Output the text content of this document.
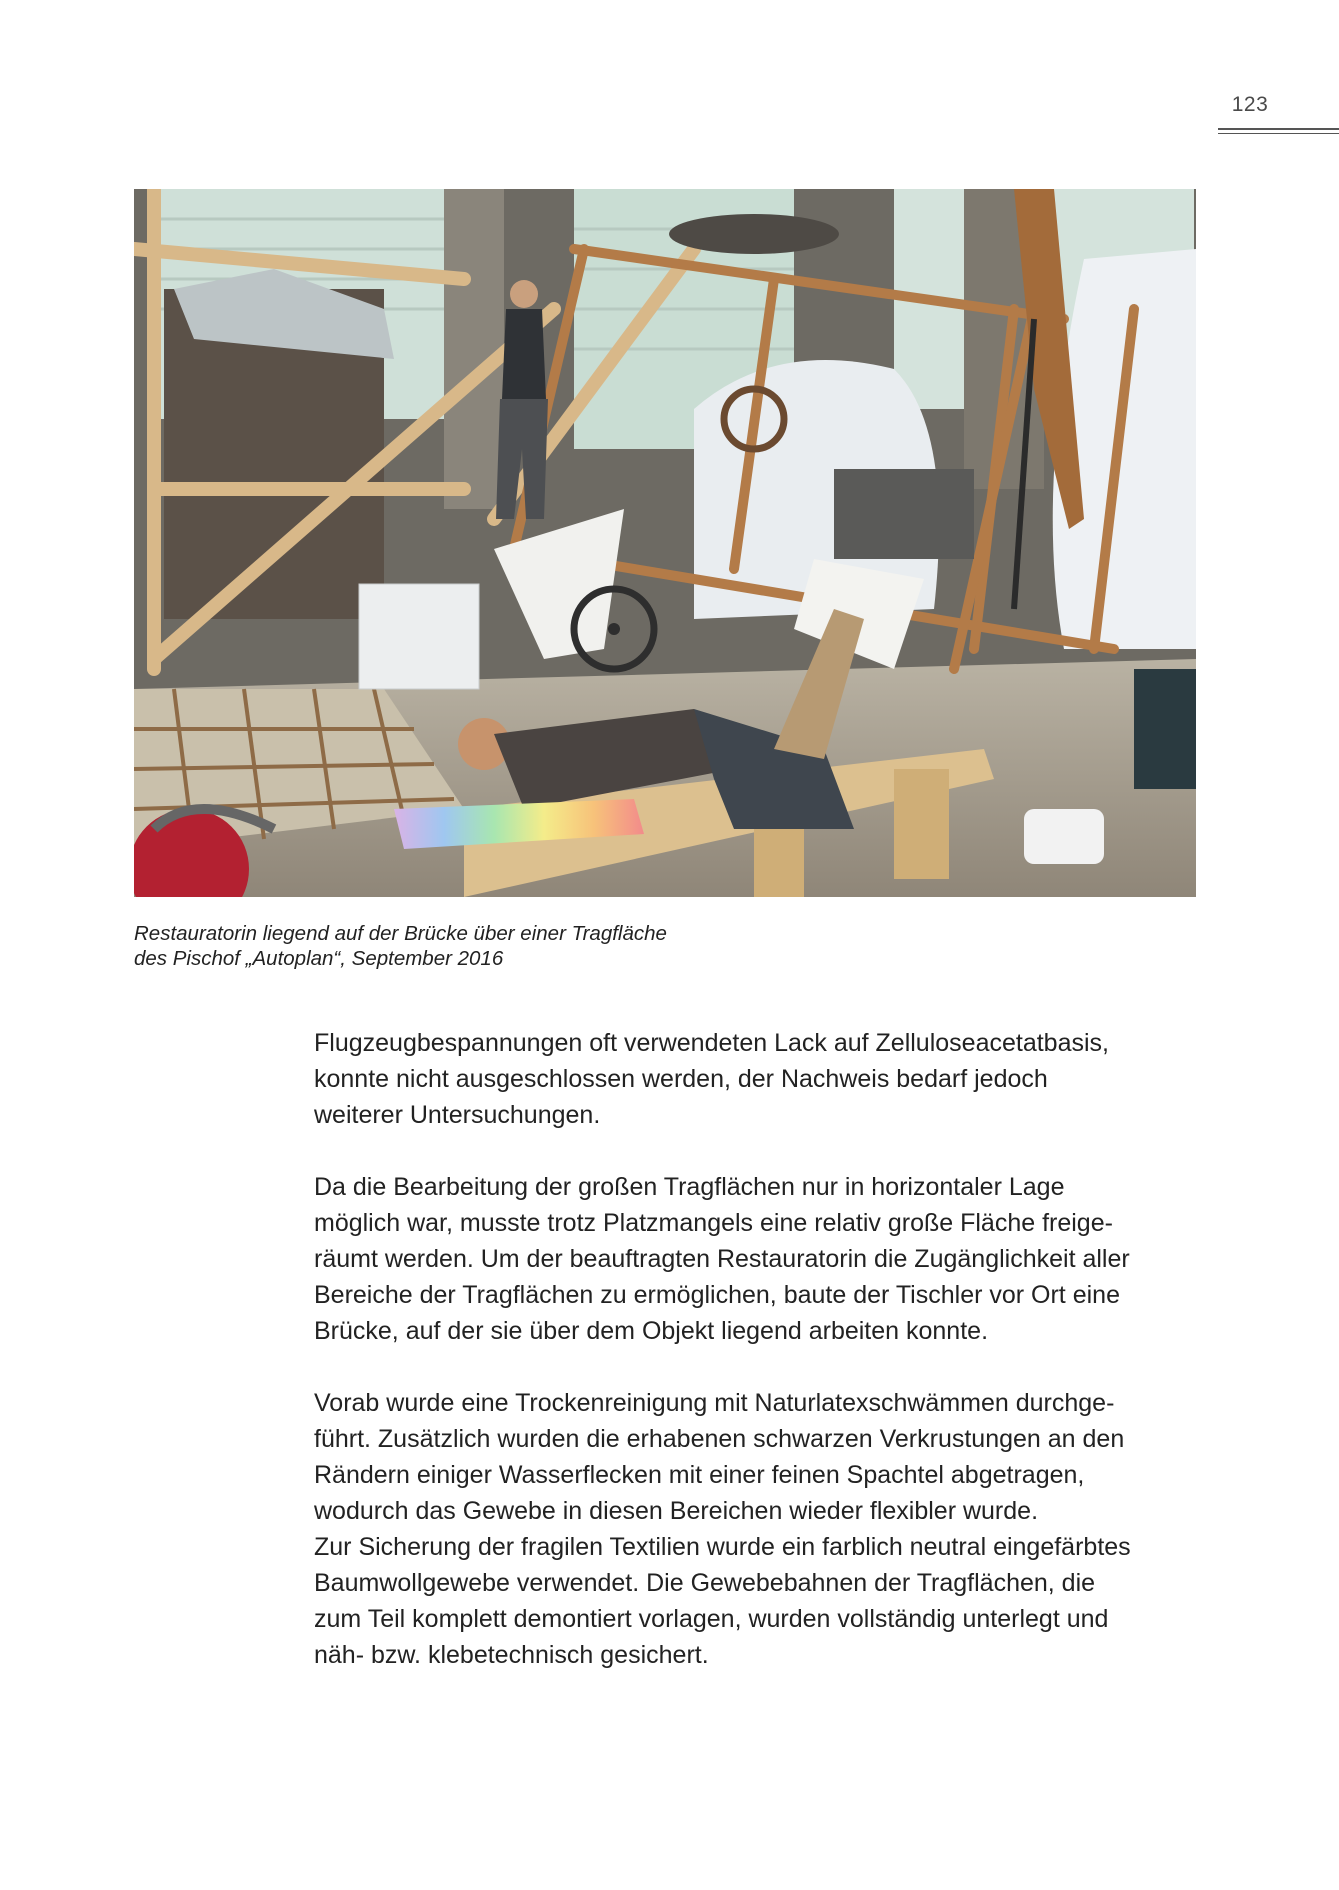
123
Restauratorin liegend auf der Brücke über einer Tragfläche
des Pischof „Autoplan“, September 2016
Flugzeugbespannungen oft verwendeten Lack auf Zelluloseacetatbasis,
konnte nicht ausgeschlossen werden, der Nachweis bedarf jedoch
weiterer Untersuchungen.
Da die Bearbeitung der großen Tragflächen nur in horizontaler Lage
möglich war, musste trotz Platzmangels eine relativ große Fläche freige-
räumt werden. Um der beauftragten Restauratorin die Zugänglichkeit aller
Bereiche der Tragflächen zu ermöglichen, baute der Tischler vor Ort eine
Brücke, auf der sie über dem Objekt liegend arbeiten konnte.
Vorab wurde eine Trockenreinigung mit Naturlatexschwämmen durchge-
führt. Zusätzlich wurden die erhabenen schwarzen Verkrustungen an den
Rändern einiger Wasserflecken mit einer feinen Spachtel abgetragen,
wodurch das Gewebe in diesen Bereichen wieder flexibler wurde.
Zur Sicherung der fragilen Textilien wurde ein farblich neutral eingefärbtes
Baumwollgewebe verwendet. Die Gewebebahnen der Tragflächen, die
zum Teil komplett demontiert vorlagen, wurden vollständig unterlegt und
näh- bzw. klebetechnisch gesichert.
